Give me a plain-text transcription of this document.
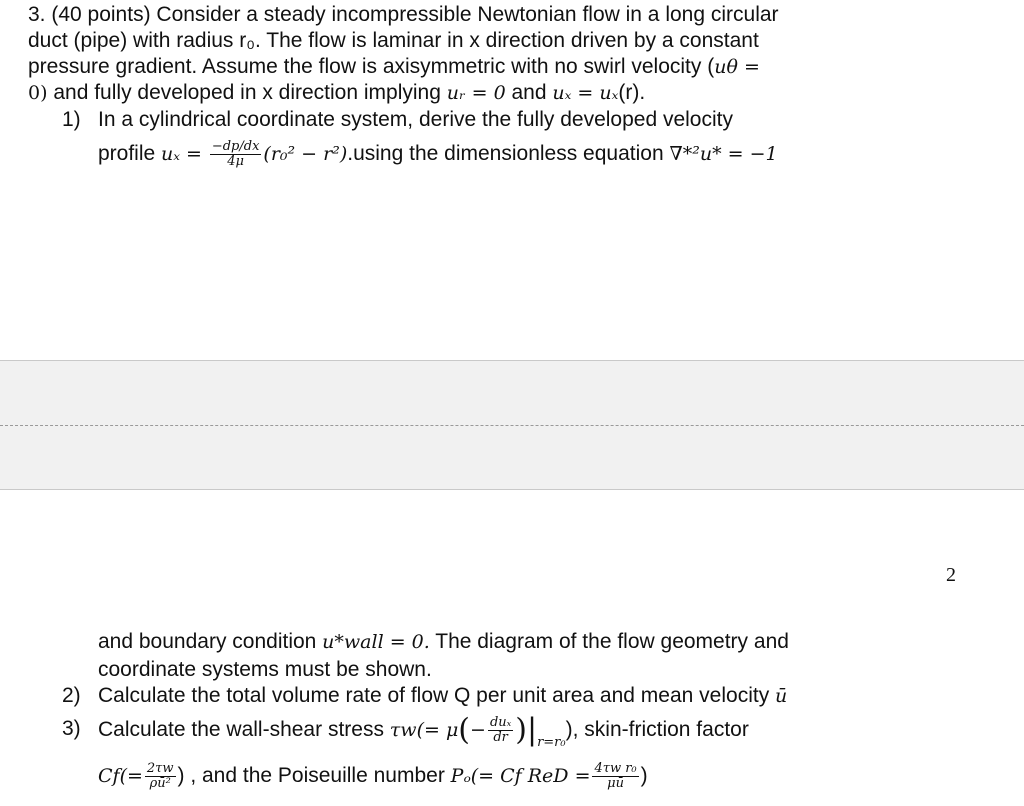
3. (40 points) Consider a steady incompressible Newtonian flow in a long circular
duct (pipe) with radius r₀. The flow is laminar in x direction driven by a constant
pressure gradient. Assume the flow is axisymmetric with no swirl velocity (uθ =
0) and fully developed in x direction implying uᵣ = 0 and uₓ = uₓ(r).
1) In a cylindrical coordinate system, derive the fully developed velocity
profile $u_x = \frac{-dp/dx}{4\mu} (r_0^2 - r^2).using$ the dimensionless equation ∇*²u* = −1
2
and boundary condition u*wall = 0. The diagram of the flow geometry and
coordinate systems must be shown.
2) Calculate the total volume rate of flow Q per unit area and mean velocity ū
3) Calculate the wall-shear stress $\tau w(= \mu(- \frac{\text{duₓ}}{dr} )|_{r=r_0})$, skin-friction factor
$Cf(= \frac{2\tau w}{\text{ρū²}}$ ) , and the Poiseuille number Pₒ(= Cf ReD = $\frac{\text{4τw r₀}}{\mu ū}$ )
